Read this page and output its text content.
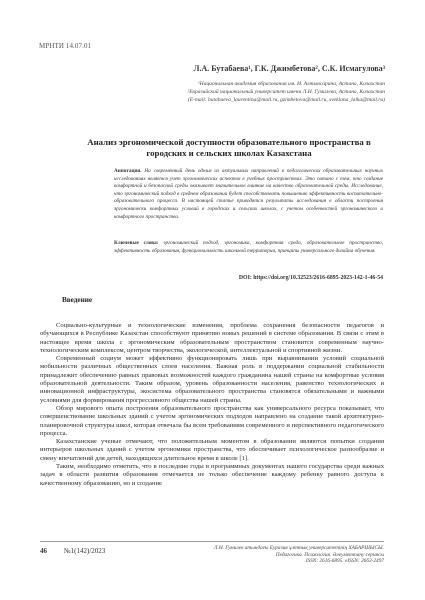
МРНТИ 14.07.01
Л.А. Бутабаева¹, Г.К. Джимбетова², С.К. Исмагулова³
¹Национальная академия образования им. И. Алтынсарина, Астана, Казахстан
²Евразийский национальный университет имени Л.Н. Гумилева, Астана, Казахстан
(E-mail: butabaeva_laurentina@mail.ru, gzimbetova@mail.ru, sveklana_lalka@mail.ru)
Анализ эргономической доступности образовательного пространства в городских и сельских школах Казахстана
Аннотация. На современный день одним из актуальных направлений в педагогических образовательных научных исследованиях является учет эргономических аспектов в учебных пространствах. Это связано с тем, что создание комфортной и безопасной среды оказывает значительное влияние на качество образовательной среды. Исследование, что эргономический подход в среднем образовании будет способствовать повышению эффективности воспитательно-образовательного процесса. В настоящей статье приводятся результаты исследования в области построения эргономически комфортных условий в городских и сельских школах, с учетом особенностей эргономического и комфортного пространства.
Ключевые слова: эргономический подход, эргономика, комфортная среда, образовательное пространство, эффективность образования, функциональность школьной территории, принципы универсального дизайна обучения.
DOI: https://doi.org/10.32523/2616-6895-2023-142-1-46-54
Введение

Социально-культурные и технологические изменения, проблема сохранения безопасности педагогов и обучающихся в Республике Казахстан способствуют принятию новых решений в системе образования. В связи с этим в настоящее время школа с эргономическим образовательным пространством становится современным научно-технологическим комплексом, центром творчества, экологической, интеллектуальной и спортивной жизни.

Современный социум может эффективно функционировать лишь при выравнивании условий социальной мобильности различных общественных слоев населения. Важная роль в поддержании социальной стабильности принадлежит обеспечению равных правовых возможностей каждого гражданина нашей страны на комфортные условия образовательной деятельности. Таким образом, уровень образованности населения, равенство технологических и инновационной инфраструктуры, экосистема образовательного пространства становятся обязательными и важными условиями для формирования прогрессивного общества нашей страны.

Обзор мирового опыта построения образовательного пространства как универсального ресурса показывает, что совершенствование школьных зданий с учетом эргономических подходов направлено на создание такой архитектурно-планировочной структуры школ, которая отвечала бы всем требованиям современного и перспективного педагогического процесса.

Казахстанские ученые отмечают, что положительным моментом в образовании являются попытки создания интерьеров школьных зданий с учетом эргономики пространства, что обеспечивает психологическое разнообразие и смену впечатлений для детей, находящихся длительное время в школе [1].

Таким, необходимо отметить, что в последние годы в программных документах нашего государства среди важных задач в области развития образования отмечается не только обеспечение каждому ребенку равного доступа к качественному образованию, но и создание

46 №1(142)/2023	Л.Н. Гумилев атындағы Еуразия ұлттық университетінің ХАБАРШЫСЫ.
Педагогика. Психология. Әлеуметтану сериясы
ISSN: 2616-6895. eISSN: 2663-2497
